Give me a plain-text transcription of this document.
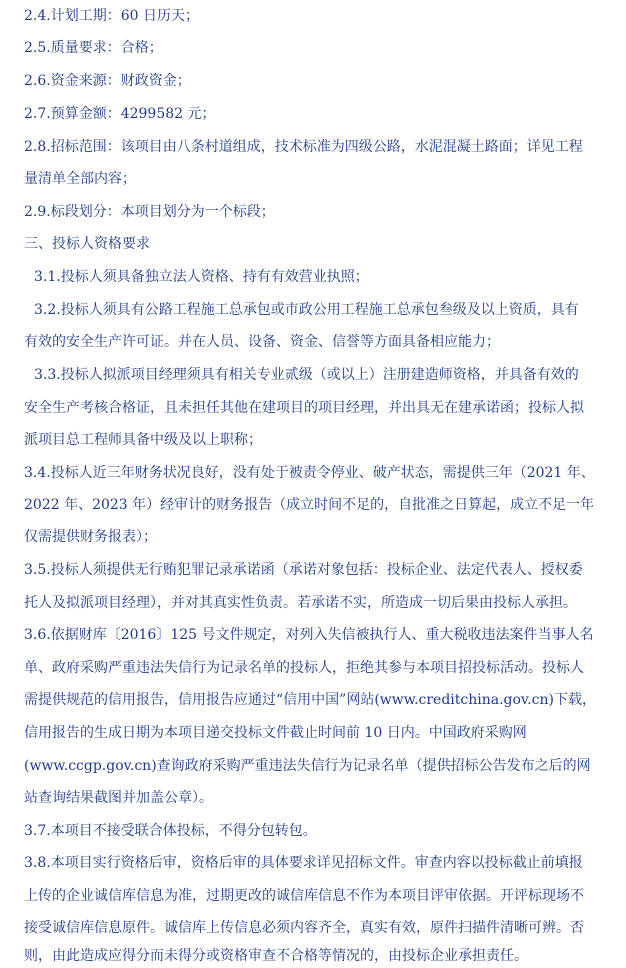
2.4.计划工期：60 日历天；
2.5.质量要求：合格；
2.6.资金来源：财政资金；
2.7.预算金额：4299582 元；
2.8.招标范围：该项目由八条村道组成，技术标准为四级公路，水泥混凝土路面；详见工程
量清单全部内容；
2.9.标段划分：本项目划分为一个标段；
三、投标人资格要求
3.1.投标人须具备独立法人资格、持有有效营业执照；
3.2.投标人须具有公路工程施工总承包或市政公用工程施工总承包叁级及以上资质，具有
有效的安全生产许可证。并在人员、设备、资金、信誉等方面具备相应能力；
3.3.投标人拟派项目经理须具有相关专业贰级（或以上）注册建造师资格，并具备有效的
安全生产考核合格证，且未担任其他在建项目的项目经理，并出具无在建承诺函；投标人拟
派项目总工程师具备中级及以上职称；
3.4.投标人近三年财务状况良好，没有处于被责令停业、破产状态，需提供三年（2021 年、
2022 年、2023 年）经审计的财务报告（成立时间不足的，自批准之日算起，成立不足一年
仅需提供财务报表）；
3.5.投标人须提供无行贿犯罪记录承诺函（承诺对象包括：投标企业、法定代表人、授权委
托人及拟派项目经理），并对其真实性负责。若承诺不实，所造成一切后果由投标人承担。
3.6.依据财库〔2016〕125 号文件规定，对列入失信被执行人、重大税收违法案件当事人名
单、政府采购严重违法失信行为记录名单的投标人，拒绝其参与本项目招投标活动。投标人
需提供规范的信用报告，信用报告应通过“信用中国”网站(www.creditchina.gov.cn)下载，
信用报告的生成日期为本项目递交投标文件截止时间前 10 日内。中国政府采购网
(www.ccgp.gov.cn)查询政府采购严重违法失信行为记录名单（提供招标公告发布之后的网
站查询结果截图并加盖公章）。
3.7.本项目不接受联合体投标，不得分包转包。
3.8.本项目实行资格后审，资格后审的具体要求详见招标文件。审查内容以投标截止前填报
上传的企业诚信库信息为准，过期更改的诚信库信息不作为本项目评审依据。开评标现场不
接受诚信库信息原件。诚信库上传信息必须内容齐全，真实有效，原件扫描件清晰可辨。否
则，由此造成应得分而未得分或资格审查不合格等情况的，由投标企业承担责任。
